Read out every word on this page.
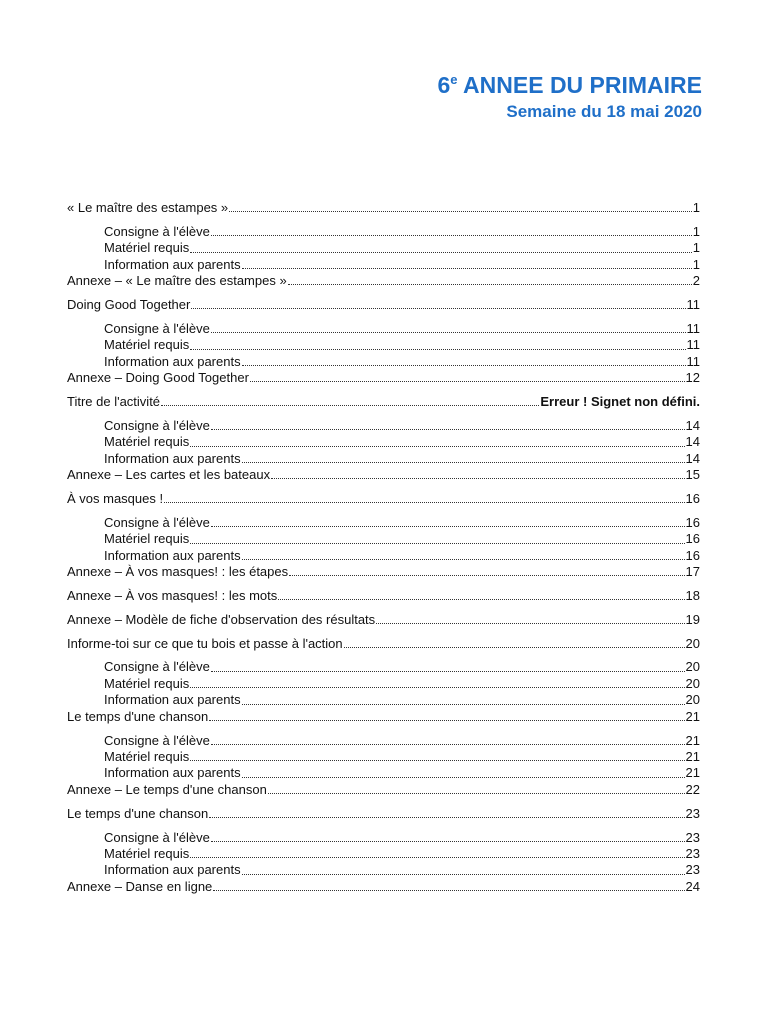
6e ANNEE DU PRIMAIRE
Semaine du 18 mai 2020
« Le maître des estampes »	1
Consigne à l'élève	1
Matériel requis	1
Information aux parents	1
Annexe – « Le maître des estampes »	2
Doing Good Together	11
Consigne à l'élève	11
Matériel requis	11
Information aux parents	11
Annexe – Doing Good Together	12
Titre de l'activité	Erreur ! Signet non défini.
Consigne à l'élève	14
Matériel requis	14
Information aux parents	14
Annexe – Les cartes et les bateaux	15
À vos masques !	16
Consigne à l'élève	16
Matériel requis	16
Information aux parents	16
Annexe – À vos masques! : les étapes	17
Annexe – À vos masques! : les mots	18
Annexe – Modèle de fiche d'observation des résultats	19
Informe-toi sur ce que tu bois et passe à l'action	20
Consigne à l'élève	20
Matériel requis	20
Information aux parents	20
Le temps d'une chanson	21
Consigne à l'élève	21
Matériel requis	21
Information aux parents	21
Annexe – Le temps d'une chanson	22
Le temps d'une chanson	23
Consigne à l'élève	23
Matériel requis	23
Information aux parents	23
Annexe – Danse en ligne	24
